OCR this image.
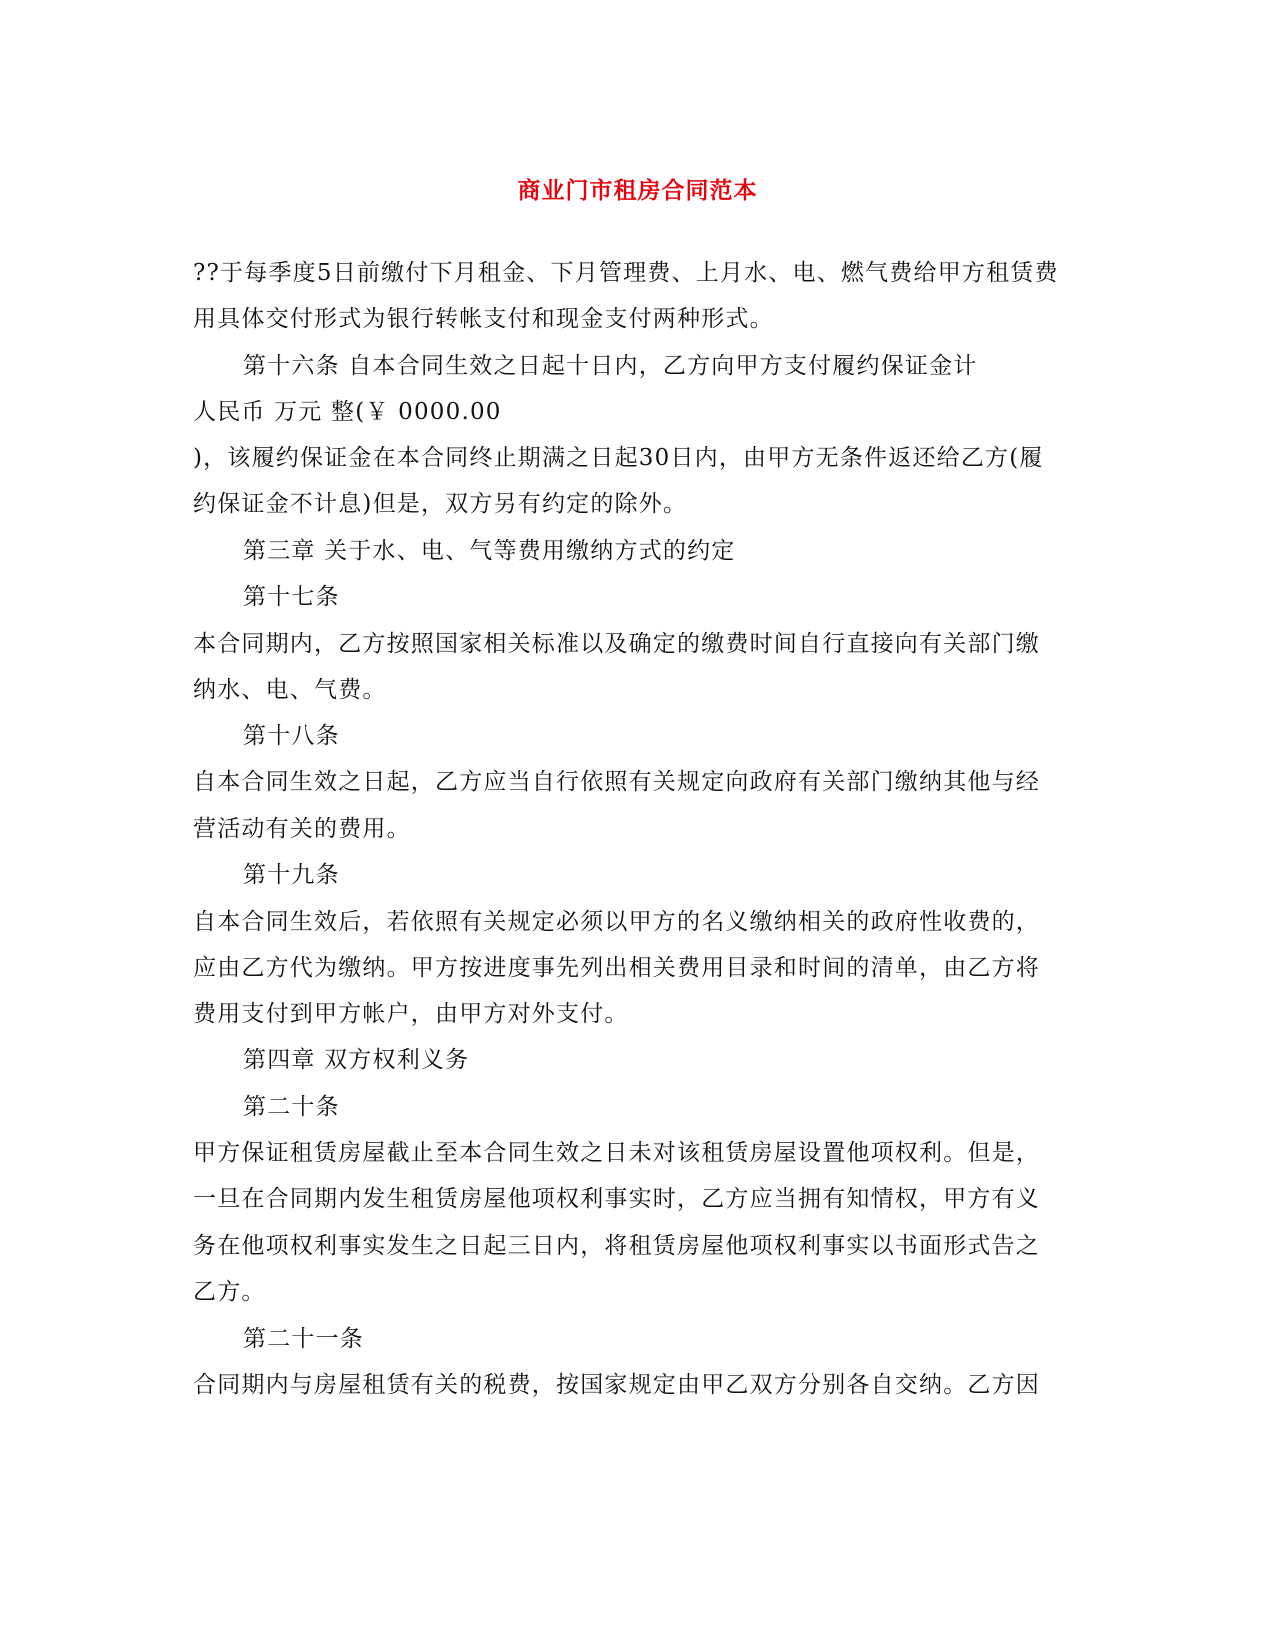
商业门市租房合同范本
??于每季度5日前缴付下月租金、下月管理费、上月水、电、燃气费给甲方租赁费
用具体交付形式为银行转帐支付和现金支付两种形式。
第十六条 自本合同生效之日起十日内，乙方向甲方支付履约保证金计
人民币 万元 整(￥ 0000.00
)，该履约保证金在本合同终止期满之日起30日内，由甲方无条件返还给乙方(履
约保证金不计息)但是，双方另有约定的除外。
第三章 关于水、电、气等费用缴纳方式的约定
第十七条
本合同期内，乙方按照国家相关标准以及确定的缴费时间自行直接向有关部门缴
纳水、电、气费。
第十八条
自本合同生效之日起，乙方应当自行依照有关规定向政府有关部门缴纳其他与经
营活动有关的费用。
第十九条
自本合同生效后，若依照有关规定必须以甲方的名义缴纳相关的政府性收费的，
应由乙方代为缴纳。甲方按进度事先列出相关费用目录和时间的清单，由乙方将
费用支付到甲方帐户，由甲方对外支付。
第四章 双方权利义务
第二十条
甲方保证租赁房屋截止至本合同生效之日未对该租赁房屋设置他项权利。但是，
一旦在合同期内发生租赁房屋他项权利事实时，乙方应当拥有知情权，甲方有义
务在他项权利事实发生之日起三日内，将租赁房屋他项权利事实以书面形式告之
乙方。
第二十一条
合同期内与房屋租赁有关的税费，按国家规定由甲乙双方分别各自交纳。乙方因
